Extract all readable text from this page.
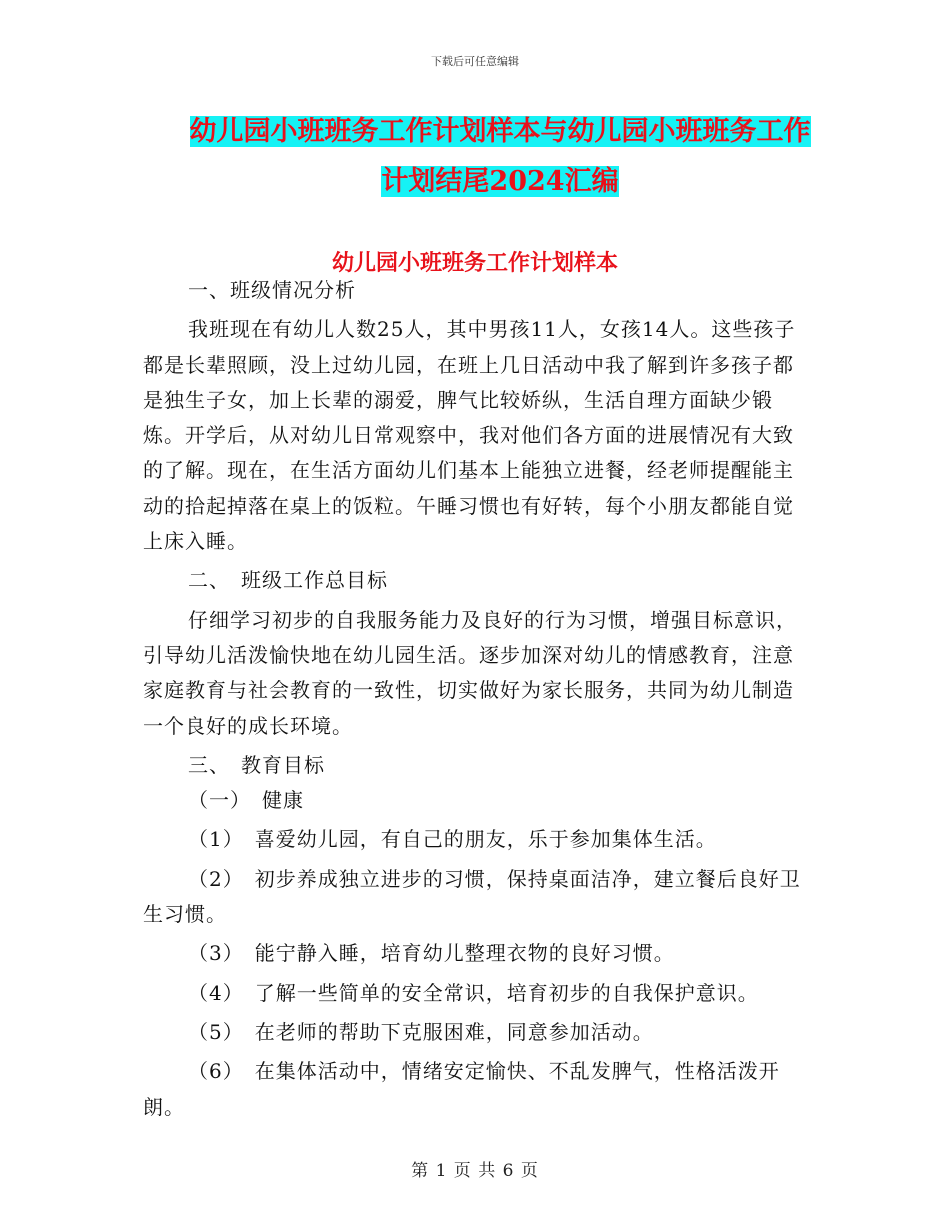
下载后可任意编辑
幼儿园小班班务工作计划样本与幼儿园小班班务工作
计划结尾2024汇编
幼儿园小班班务工作计划样本

一、班级情况分析

我班现在有幼儿人数25人，其中男孩11人，女孩14人。这些孩子都是长辈照顾，没上过幼儿园，在班上几日活动中我了解到许多孩子都是独生子女，加上长辈的溺爱，脾气比较娇纵，生活自理方面缺少锻炼。开学后，从对幼儿日常观察中，我对他们各方面的进展情况有大致的了解。现在，在生活方面幼儿们基本上能独立进餐，经老师提醒能主动的拾起掉落在桌上的饭粒。午睡习惯也有好转，每个小朋友都能自觉上床入睡。

二、　班级工作总目标

仔细学习初步的自我服务能力及良好的行为习惯，增强目标意识，引导幼儿活泼愉快地在幼儿园生活。逐步加深对幼儿的情感教育，注意家庭教育与社会教育的一致性，切实做好为家长服务，共同为幼儿制造一个良好的成长环境。

三、　教育目标

（一）　健康

（1）　喜爱幼儿园，有自己的朋友，乐于参加集体生活。

（2）　初步养成独立进步的习惯，保持桌面洁净，建立餐后良好卫生习惯。

（3）　能宁静入睡，培育幼儿整理衣物的良好习惯。

（4）　了解一些简单的安全常识，培育初步的自我保护意识。

（5）　在老师的帮助下克服困难，同意参加活动。

（6）　在集体活动中，情绪安定愉快、不乱发脾气，性格活泼开朗。

第 1 页 共 6 页
